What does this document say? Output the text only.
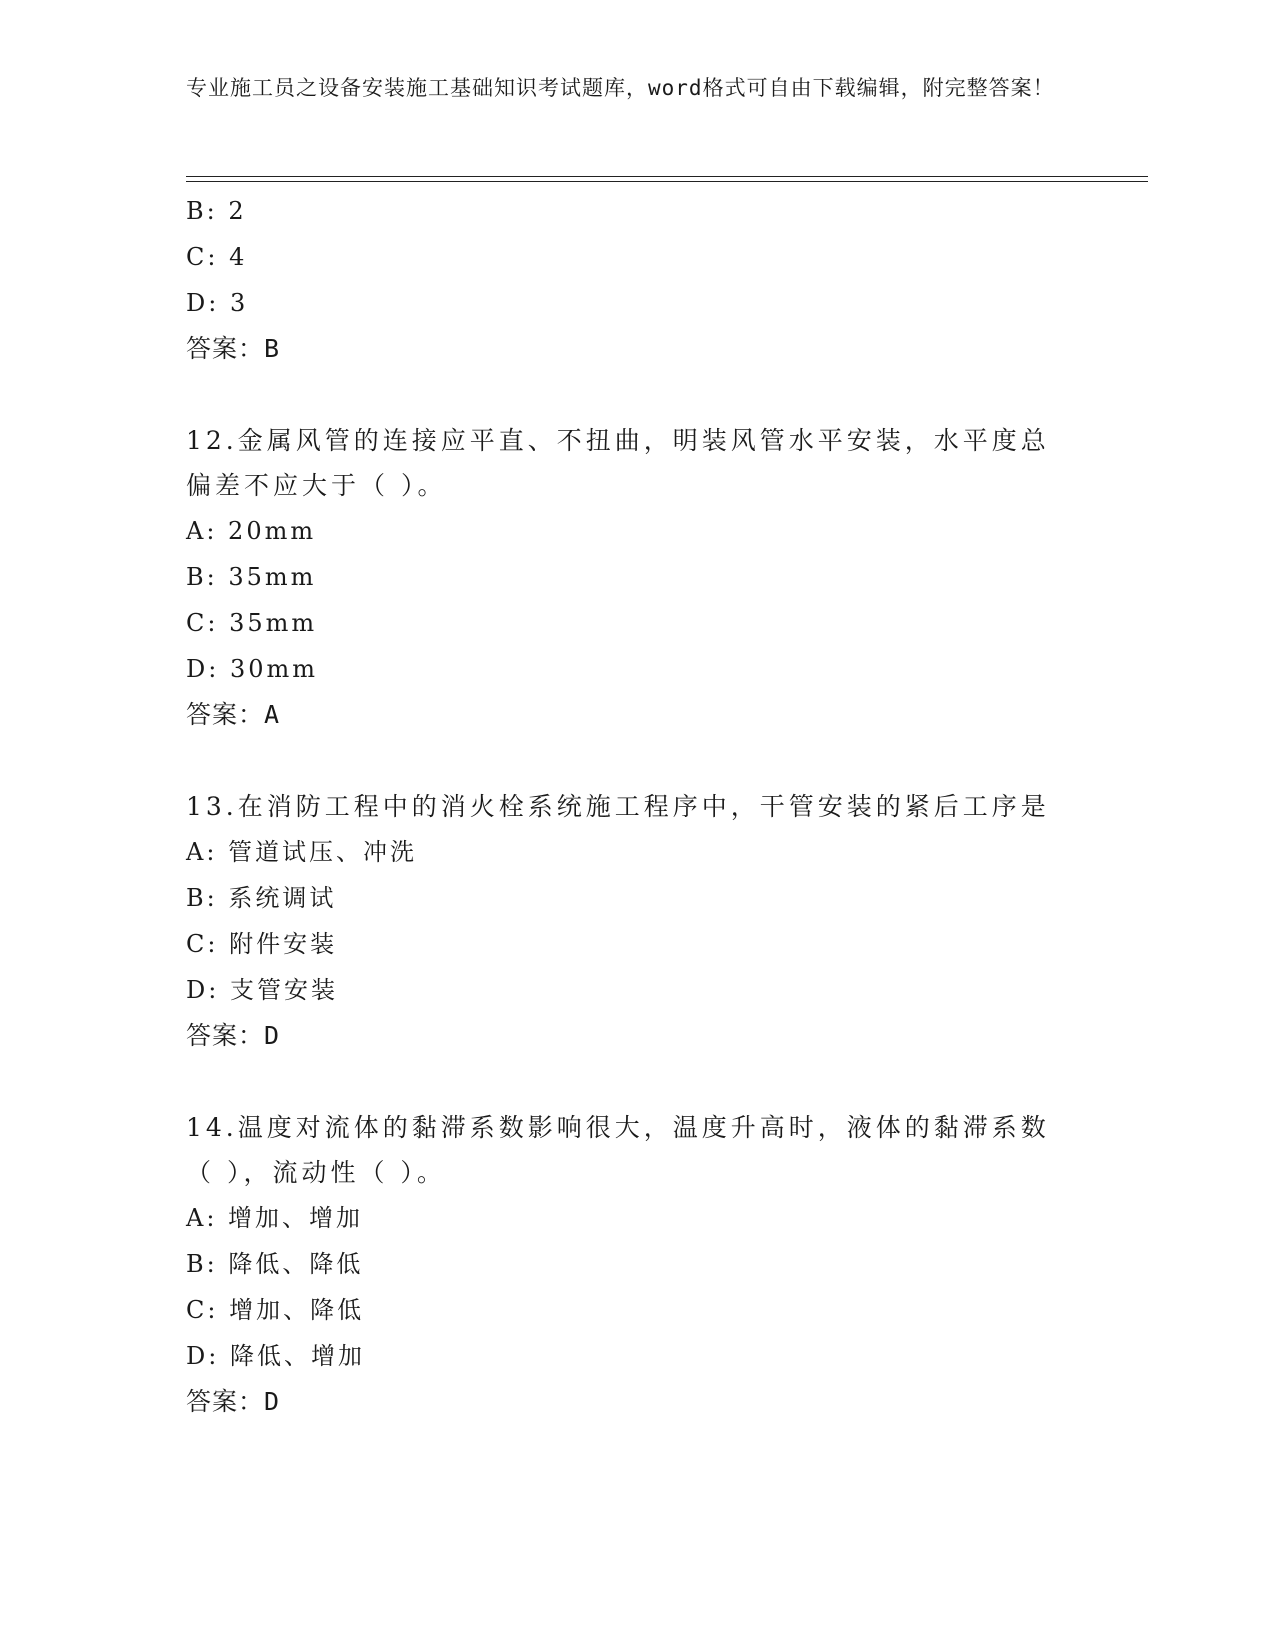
专业施工员之设备安装施工基础知识考试题库，word格式可自由下载编辑，附完整答案！
B: 2
C: 4
D: 3
答案：B
12.金属风管的连接应平直、不扭曲，明装风管水平安装，水平度总偏差不应大于（ ）。
A: 20mm
B: 35mm
C: 35mm
D: 30mm
答案：A
13.在消防工程中的消火栓系统施工程序中，干管安装的紧后工序是
A: 管道试压、冲洗
B: 系统调试
C: 附件安装
D: 支管安装
答案：D
14.温度对流体的黏滞系数影响很大，温度升高时，液体的黏滞系数（ ），流动性（ ）。
A: 增加、增加
B: 降低、降低
C: 增加、降低
D: 降低、增加
答案：D
